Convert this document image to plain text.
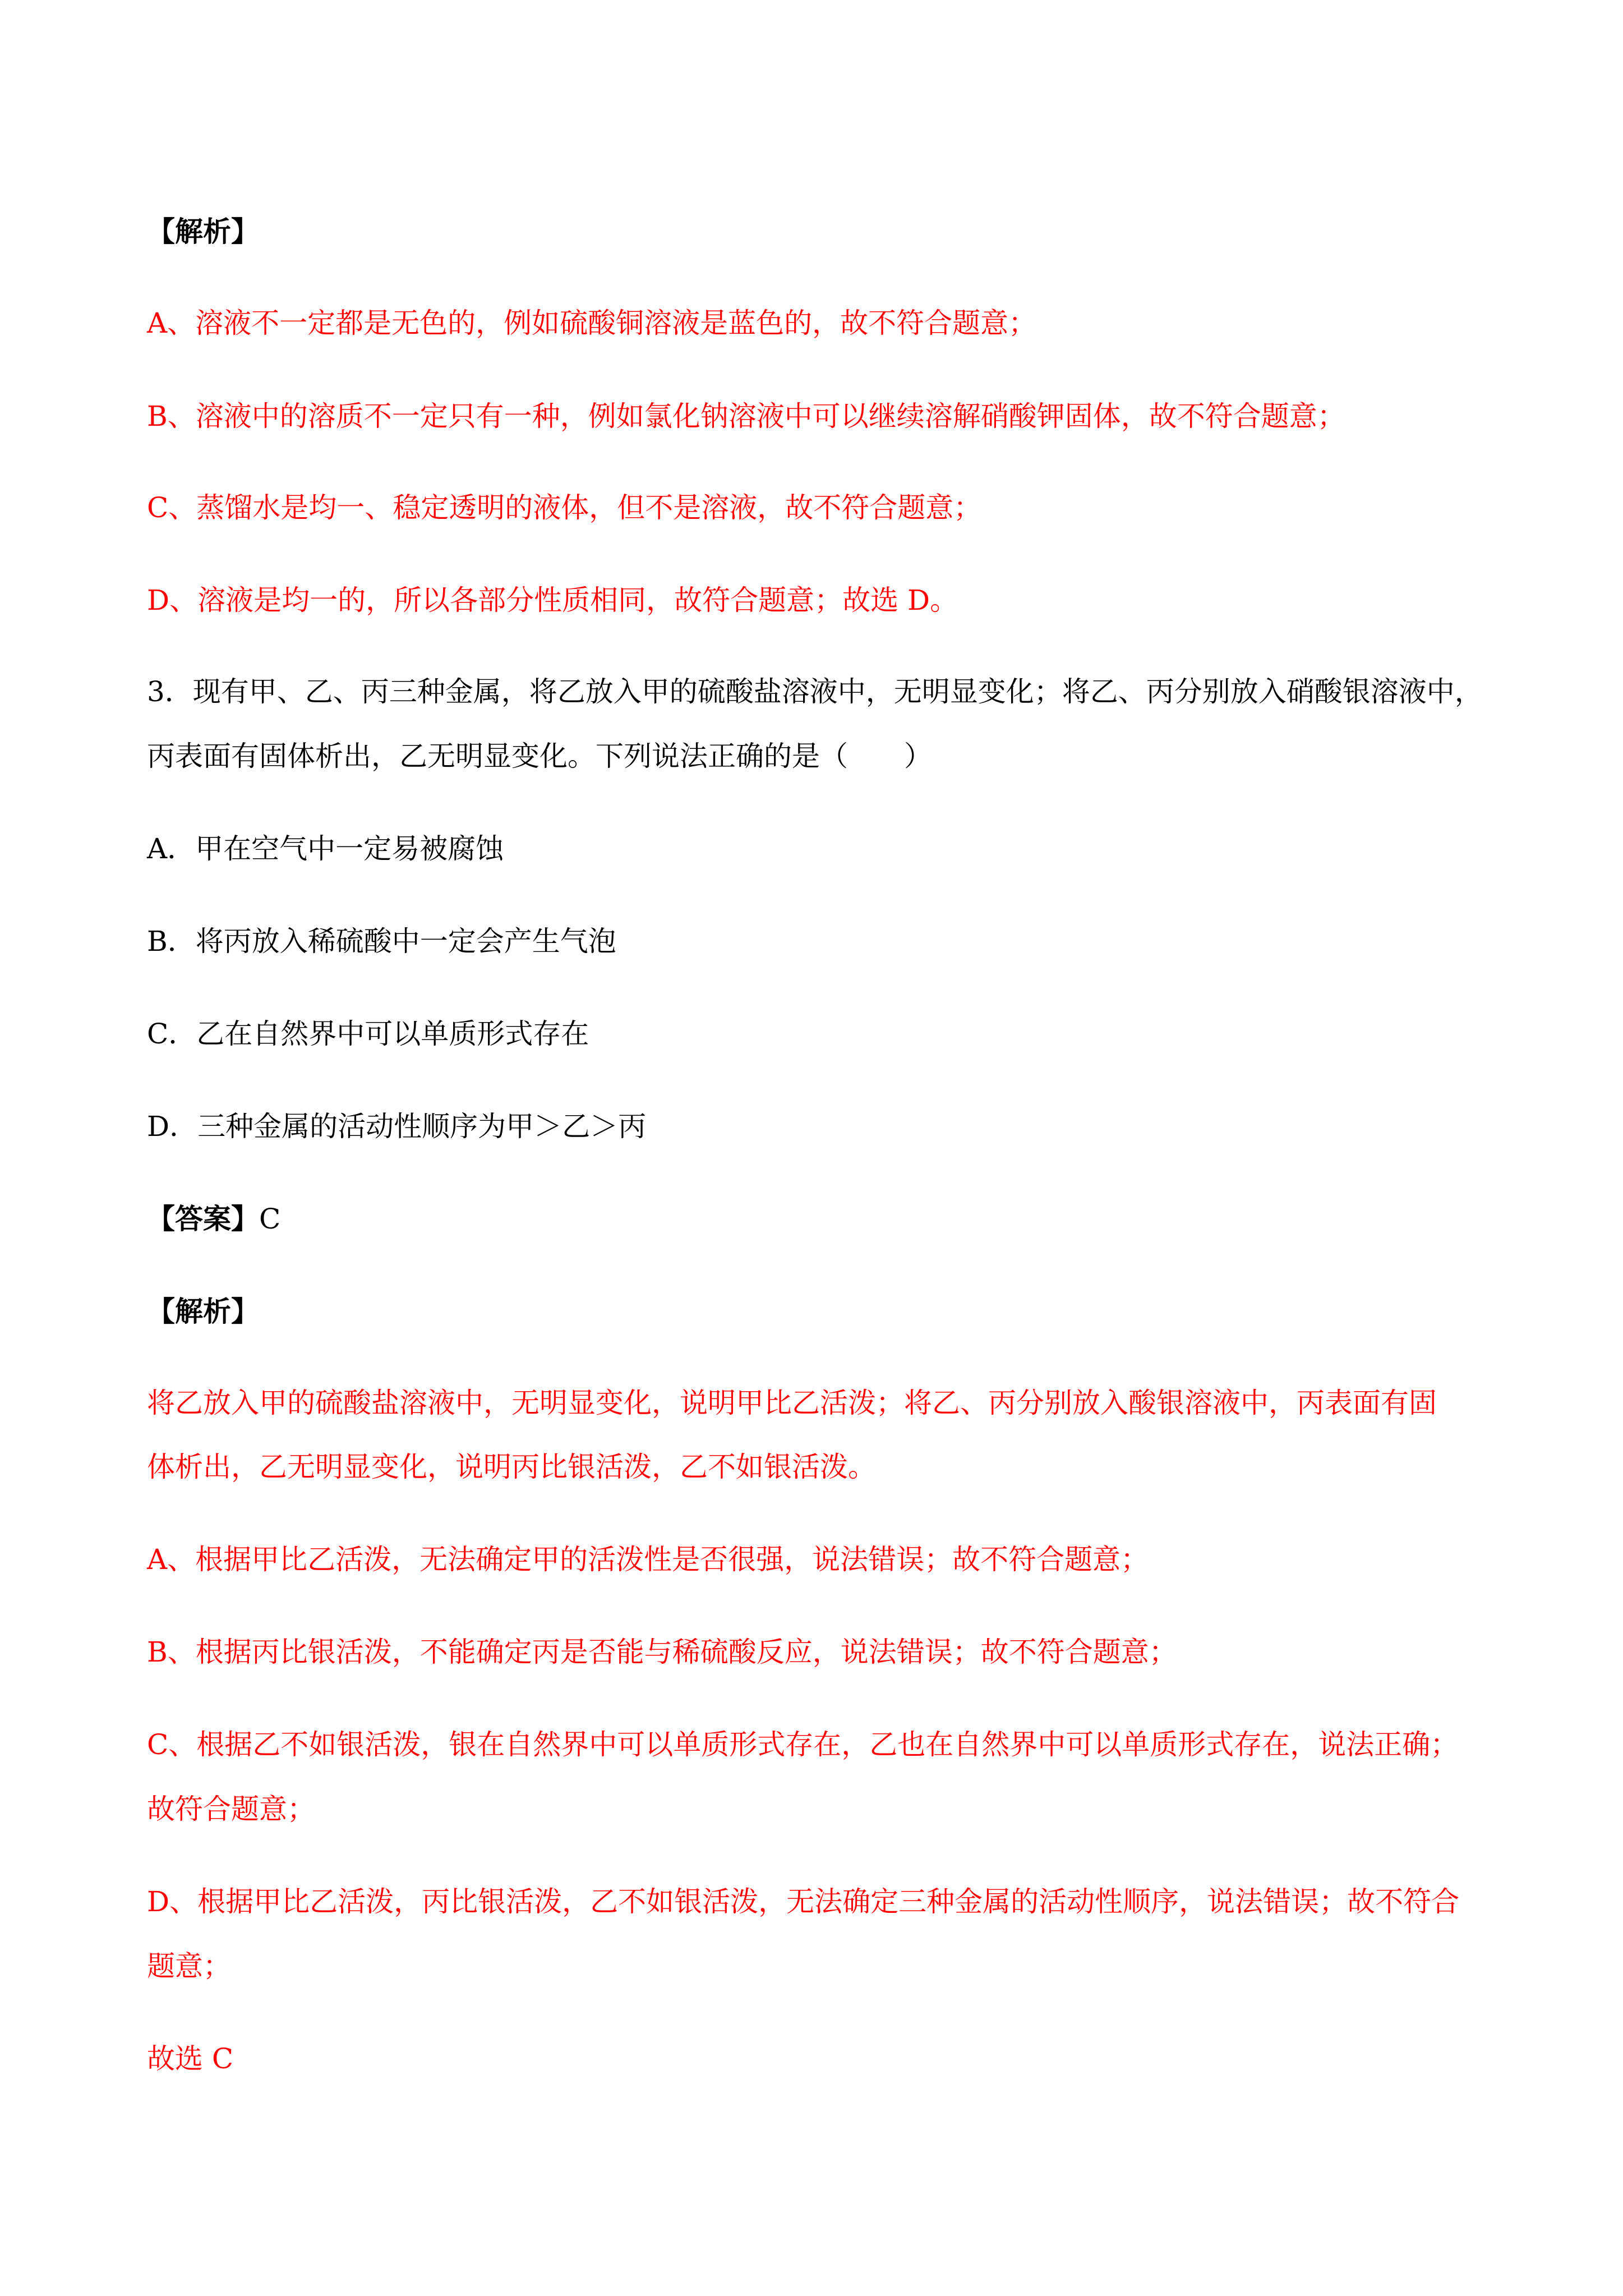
【解析】
A、溶液不一定都是无色的，例如硫酸铜溶液是蓝色的，故不符合题意；
B、溶液中的溶质不一定只有一种，例如氯化钠溶液中可以继续溶解硝酸钾固体，故不符合题意；
C、蒸馏水是均一、稳定透明的液体，但不是溶液，故不符合题意；
D、溶液是均一的，所以各部分性质相同，故符合题意；故选 D。
3．现有甲、乙、丙三种金属，将乙放入甲的硫酸盐溶液中，无明显变化；将乙、丙分别放入硝酸银溶液中，
丙表面有固体析出，乙无明显变化。下列说法正确的是（　　）
A．甲在空气中一定易被腐蚀
B．将丙放入稀硫酸中一定会产生气泡
C．乙在自然界中可以单质形式存在
D．三种金属的活动性顺序为甲＞乙＞丙
【答案】C
【解析】
将乙放入甲的硫酸盐溶液中，无明显变化，说明甲比乙活泼；将乙、丙分别放入酸银溶液中，丙表面有固
体析出，乙无明显变化，说明丙比银活泼，乙不如银活泼。
A、根据甲比乙活泼，无法确定甲的活泼性是否很强，说法错误；故不符合题意；
B、根据丙比银活泼，不能确定丙是否能与稀硫酸反应，说法错误；故不符合题意；
C、根据乙不如银活泼，银在自然界中可以单质形式存在，乙也在自然界中可以单质形式存在，说法正确；
故符合题意；
D、根据甲比乙活泼，丙比银活泼，乙不如银活泼，无法确定三种金属的活动性顺序，说法错误；故不符合
题意；
故选 C
